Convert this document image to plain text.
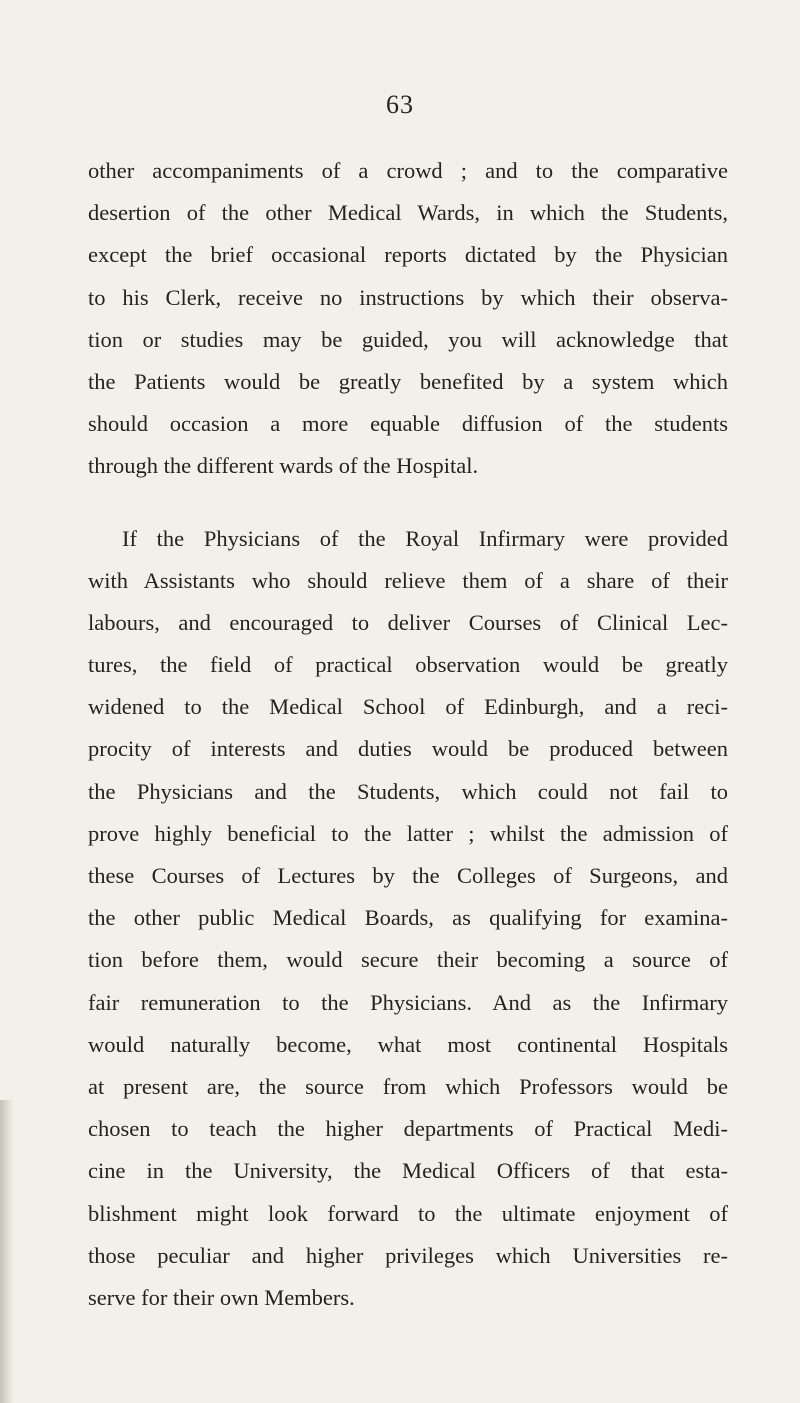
63
other accompaniments of a crowd ; and to the comparative
desertion of the other Medical Wards, in which the Students,
except the brief occasional reports dictated by the Physician
to his Clerk, receive no instructions by which their observa-
tion or studies may be guided, you will acknowledge that
the Patients would be greatly benefited by a system which
should occasion a more equable diffusion of the students
through the different wards of the Hospital.
If the Physicians of the Royal Infirmary were provided
with Assistants who should relieve them of a share of their
labours, and encouraged to deliver Courses of Clinical Lec-
tures, the field of practical observation would be greatly
widened to the Medical School of Edinburgh, and a reci-
procity of interests and duties would be produced between
the Physicians and the Students, which could not fail to
prove highly beneficial to the latter ; whilst the admission of
these Courses of Lectures by the Colleges of Surgeons, and
the other public Medical Boards, as qualifying for examina-
tion before them, would secure their becoming a source of
fair remuneration to the Physicians. And as the Infirmary
would naturally become, what most continental Hospitals
at present are, the source from which Professors would be
chosen to teach the higher departments of Practical Medi-
cine in the University, the Medical Officers of that esta-
blishment might look forward to the ultimate enjoyment of
those peculiar and higher privileges which Universities re-
serve for their own Members.
